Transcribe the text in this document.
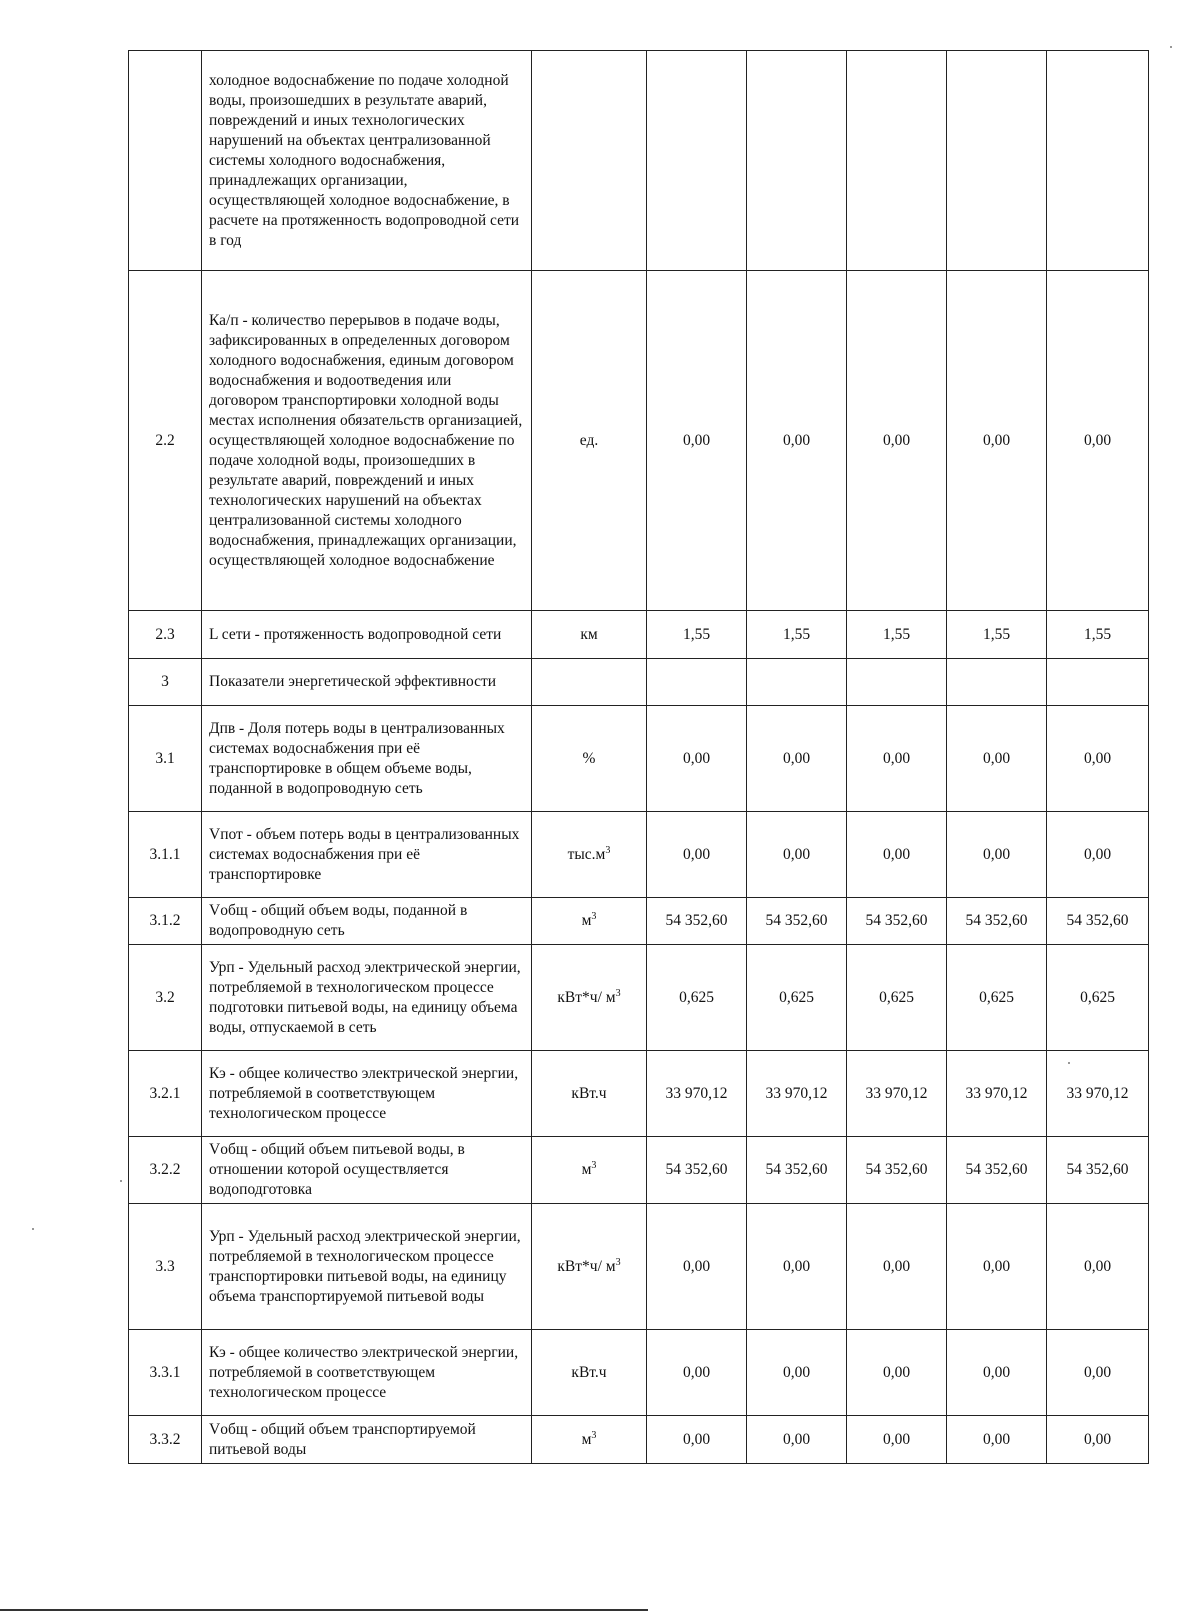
	холодное водоснабжение по подаче холодной воды, произошедших в результате аварий, повреждений и иных технологических нарушений на объектах централизованной системы холодного водоснабжения, принадлежащих организации, осуществляющей холодное водоснабжение, в расчете на протяженность водопроводной сети в год						
2.2	Ка/п - количество перерывов в подаче воды, зафиксированных в определенных договором холодного водоснабжения, единым договором водоснабжения и водоотведения или договором транспортировки холодной воды местах исполнения обязательств организацией, осуществляющей холодное водоснабжение по подаче холодной воды, произошедших в результате аварий, повреждений и иных технологических нарушений на объектах централизованной системы холодного водоснабжения, принадлежащих организации, осуществляющей холодное водоснабжение	ед.	0,00	0,00	0,00	0,00	0,00
2.3	L сети - протяженность водопроводной сети	км	1,55	1,55	1,55	1,55	1,55
3	Показатели энергетической эффективности						
3.1	Дпв - Доля потерь воды в централизованных системах водоснабжения при её транспортировке в общем объеме воды, поданной в водопроводную сеть	%	0,00	0,00	0,00	0,00	0,00
3.1.1	Vпот - объем потерь воды в централизованных системах водоснабжения при её транспортировке	$тыс.м^3$	0,00	0,00	0,00	0,00	0,00
3.1.2	Vобщ - общий объем воды, поданной в водопроводную сеть	$м^3$	54 352,60	54 352,60	54 352,60	54 352,60	54 352,60
3.2	Урп - Удельный расход электрической энергии, потребляемой в технологическом процессе подготовки питьевой воды, на единицу объема воды, отпускаемой в сеть	кВт*ч/ $м^3$	0,625	0,625	0,625	0,625	0,625
3.2.1	Кэ - общее количество электрической энергии, потребляемой в соответствующем технологическом процессе	кВт.ч	33 970,12	33 970,12	33 970,12	33 970,12	33 970,12
3.2.2	Vобщ - общий объем питьевой воды, в отношении которой осуществляется водоподготовка	$м^3$	54 352,60	54 352,60	54 352,60	54 352,60	54 352,60
3.3	Урп - Удельный расход электрической энергии, потребляемой в технологическом процессе транспортировки питьевой воды, на единицу объема транспортируемой питьевой воды	кВт*ч/ $м^3$	0,00	0,00	0,00	0,00	0,00
3.3.1	Кэ - общее количество электрической энергии, потребляемой в соответствующем технологическом процессе	кВт.ч	0,00	0,00	0,00	0,00	0,00
3.3.2	Vобщ - общий объем транспортируемой питьевой воды	$м^3$	0,00	0,00	0,00	0,00	0,00
